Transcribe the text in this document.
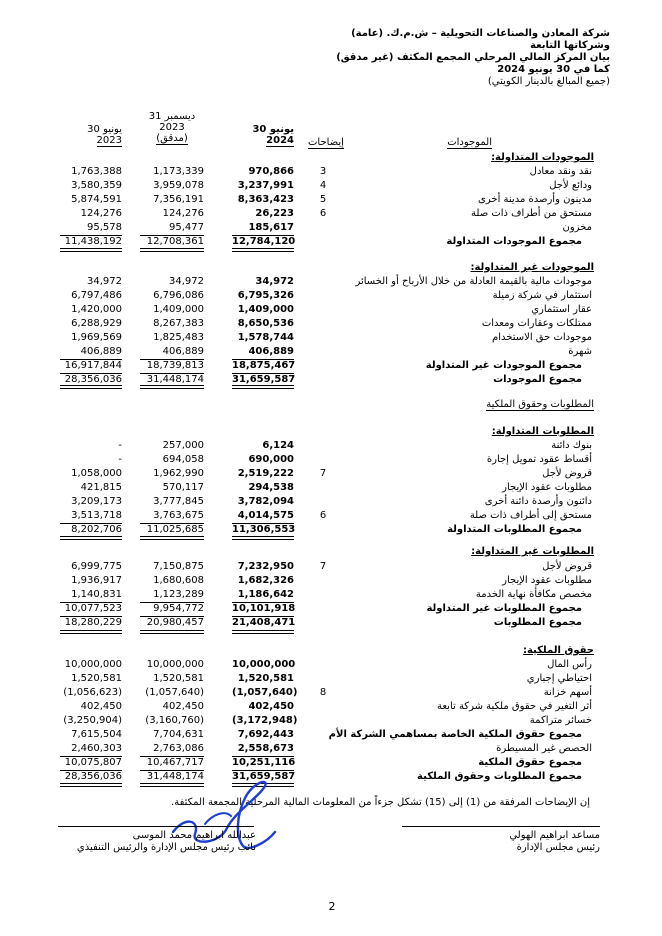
شركة المعادن والصناعات التحويلية – ش.م.ك. (عامة)
وشركاتها التابعة
بيان المركز المالي المرحلي المجمع المكثف (غير مدقق)
كما في 30 يونيو 2024
(جميع المبالغ بالدينار الكويتي)
30 يونيو
2024
31 ديسمبر
2023
(مدقق)
30 يونيو
2023	إيضاحات	الموجودات
المطلوبات وحقوق الملكية
الموجودات المتداولة:
نقد ونقد معادل
3
970,866
1,173,339
1,763,388
ودائع لأجل
4
3,237,991
3,959,078
3,580,359
مدينون وأرصدة مدينة أخرى
5
8,363,423
7,356,191
5,874,591
مستحق من أطراف ذات صلة
6
26,223
124,276
124,276
مخزون
185,617
95,477
95,578
مجموع الموجودات المتداولة
12,784,120
12,708,361
11,438,192
الموجودات غير المتداولة:
موجودات مالية بالقيمة العادلة من خلال الأرباح أو الخسائر
34,972
34,972
34,972
استثمار في شركة زميلة
6,795,326
6,796,086
6,797,486
عقار استثماري
1,409,000
1,409,000
1,420,000
ممتلكات وعقارات ومعدات
8,650,536
8,267,383
6,288,929
موجودات حق الاستخدام
1,578,744
1,825,483
1,969,569
شهرة
406,889
406,889
406,889
مجموع الموجودات غير المتداولة
18,875,467
18,739,813
16,917,844
مجموع الموجودات
31,659,587
31,448,174
28,356,036
المطلوبات المتداولة:
بنوك دائنة
6,124
257,000
-
أقساط عقود تمويل إجارة
690,000
694,058
-
قروض لأجل
7
2,519,222
1,962,990
1,058,000
مطلوبات عقود الإيجار
294,538
570,117
421,815
دائنون وأرصدة دائنة أخرى
3,782,094
3,777,845
3,209,173
مستحق إلى أطراف ذات صلة
6
4,014,575
3,763,675
3,513,718
مجموع المطلوبات المتداولة
11,306,553
11,025,685
8,202,706
المطلوبات غير المتداولة:
قروض لأجل
7
7,232,950
7,150,875
6,999,775
مطلوبات عقود الإيجار
1,682,326
1,680,608
1,936,917
مخصص مكافأة نهاية الخدمة
1,186,642
1,123,289
1,140,831
مجموع المطلوبات غير المتداولة
10,101,918
9,954,772
10,077,523
مجموع المطلوبات
21,408,471
20,980,457
18,280,229
حقوق الملكية:
رأس المال
10,000,000
10,000,000
10,000,000
احتياطي إجباري
1,520,581
1,520,581
1,520,581
أسهم خزانة
8
(1,057,640)
(1,057,640)
(1,056,623)
أثر التغير في حقوق ملكية شركة تابعة
402,450
402,450
402,450
خسائر متراكمة
(3,172,948)
(3,160,760)
(3,250,904)
مجموع حقوق الملكية الخاصة بمساهمي الشركة الأم
7,692,443
7,704,631
7,615,504
الحصص غير المسيطرة
2,558,673
2,763,086
2,460,303
مجموع حقوق الملكية
10,251,116
10,467,717
10,075,807
مجموع المطلوبات وحقوق الملكية
31,659,587
31,448,174
28,356,036
إن الإيضاحات المرفقة من (1) إلى (15) تشكل جزءاً من المعلومات المالية المرحلية المجمعة المكثفة.
مساعد ابراهيم الهولي
رئيس مجلس الإدارة
عبدالله ابراهيم محمد الموسى
نائب رئيس مجلس الإدارة والرئيس التنفيذي
2
